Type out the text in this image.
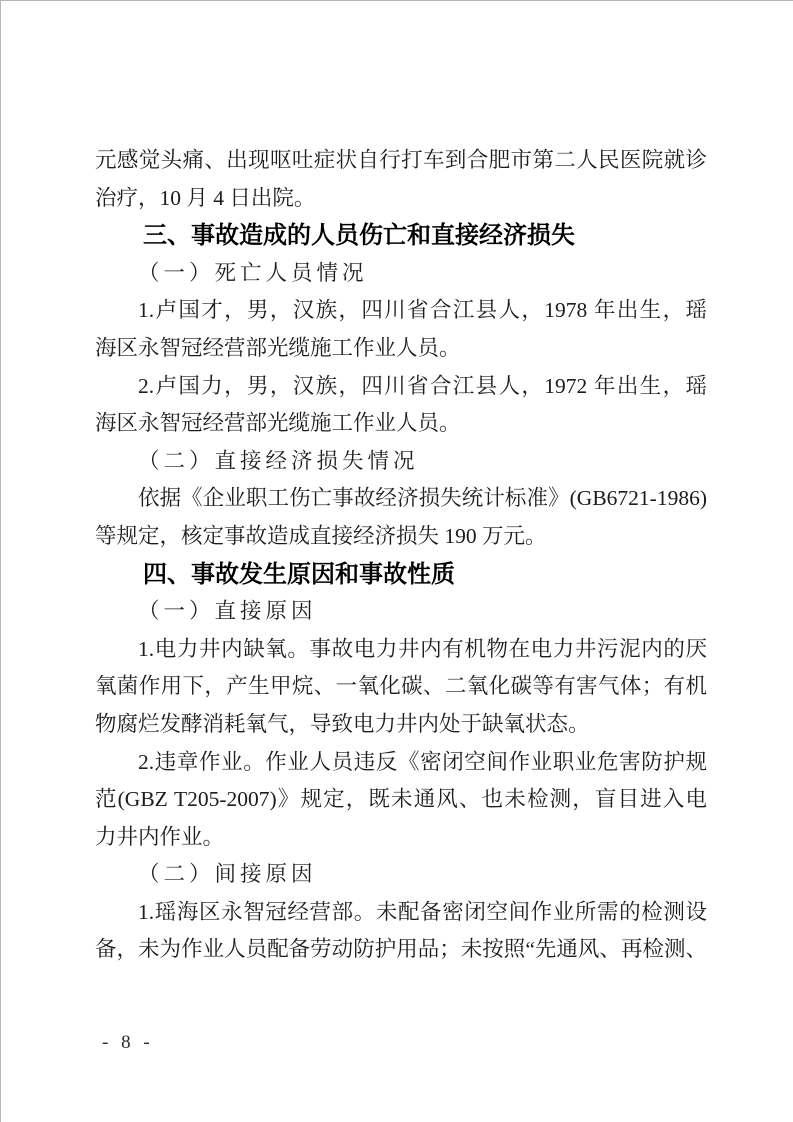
元感觉头痛、出现呕吐症状自行打车到合肥市第二人民医院就诊
治疗，10 月 4 日出院。
三、事故造成的人员伤亡和直接经济损失
（一）死亡人员情况
1.卢国才，男，汉族，四川省合江县人，1978 年出生，瑶
海区永智冠经营部光缆施工作业人员。
2.卢国力，男，汉族，四川省合江县人，1972 年出生，瑶
海区永智冠经营部光缆施工作业人员。
（二）直接经济损失情况
依据《企业职工伤亡事故经济损失统计标准》(GB6721-1986)
等规定，核定事故造成直接经济损失 190 万元。
四、事故发生原因和事故性质
（一）直接原因
1.电力井内缺氧。事故电力井内有机物在电力井污泥内的厌
氧菌作用下，产生甲烷、一氧化碳、二氧化碳等有害气体；有机
物腐烂发酵消耗氧气，导致电力井内处于缺氧状态。
2.违章作业。作业人员违反《密闭空间作业职业危害防护规
范(GBZ T205-2007)》规定，既未通风、也未检测，盲目进入电
力井内作业。
（二）间接原因
1.瑶海区永智冠经营部。未配备密闭空间作业所需的检测设
备，未为作业人员配备劳动防护用品；未按照“先通风、再检测、
- 8 -
